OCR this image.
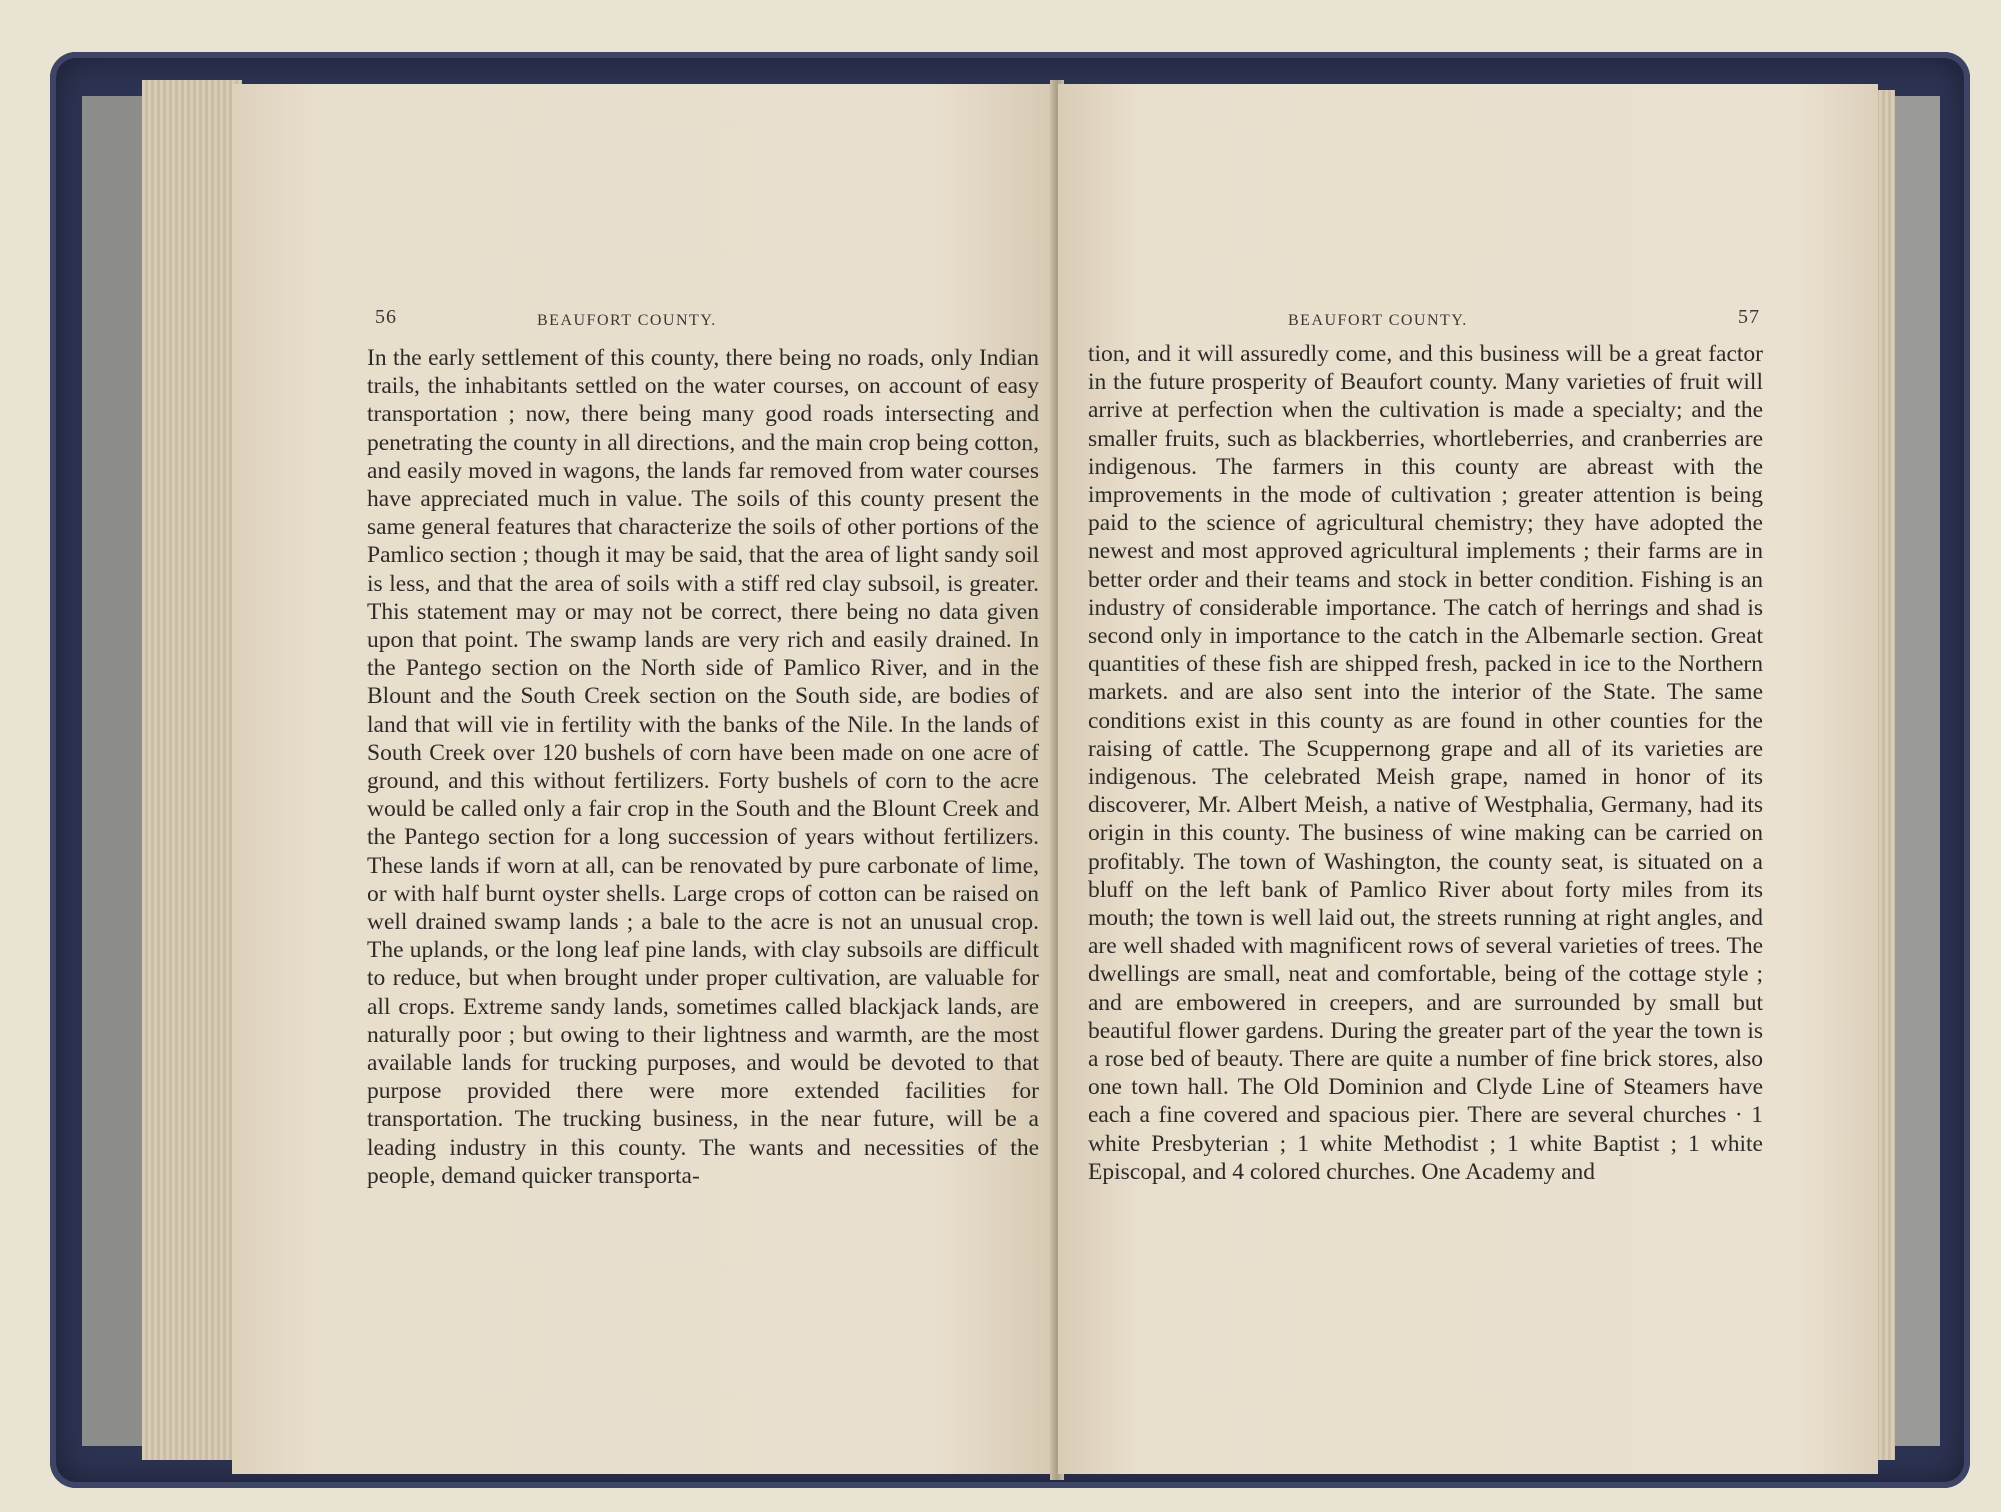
56	BEAUFORT COUNTY.

In the early settlement of this county, there being no roads, only Indian trails, the inhabitants settled on the water courses, on account of easy transportation ; now, there being many good roads intersecting and penetrating the county in all directions, and the main crop being cotton, and easily moved in wagons, the lands far removed from water courses have appreciated much in value. The soils of this county present the same general features that characterize the soils of other portions of the Pamlico section ; though it may be said, that the area of light sandy soil is less, and that the area of soils with a stiff red clay subsoil, is greater. This statement may or may not be correct, there being no data given upon that point. The swamp lands are very rich and easily drained. In the Pantego section on the North side of Pamlico River, and in the Blount and the South Creek section on the South side, are bodies of land that will vie in fertility with the banks of the Nile. In the lands of South Creek over 120 bushels of corn have been made on one acre of ground, and this without fertilizers. Forty bushels of corn to the acre would be called only a fair crop in the South and the Blount Creek and the Pantego section for a long succession of years without fertilizers. These lands if worn at all, can be renovated by pure carbonate of lime, or with half burnt oyster shells. Large crops of cotton can be raised on well drained swamp lands ; a bale to the acre is not an unusual crop. The uplands, or the long leaf pine lands, with clay subsoils are difficult to reduce, but when brought under proper cultivation, are valuable for all crops. Extreme sandy lands, sometimes called blackjack lands, are naturally poor ; but owing to their lightness and warmth, are the most available lands for trucking purposes, and would be devoted to that purpose provided there were more extended facilities for transportation. The trucking business, in the near future, will be a leading industry in this county. The wants and necessities of the people, demand quicker transporta-

BEAUFORT COUNTY.	57

tion, and it will assuredly come, and this business will be a great factor in the future prosperity of Beaufort county. Many varieties of fruit will arrive at perfection when the cultivation is made a specialty; and the smaller fruits, such as blackberries, whortleberries, and cranberries are indigenous. The farmers in this county are abreast with the improvements in the mode of cultivation ; greater attention is being paid to the science of agricultural chemistry; they have adopted the newest and most approved agricultural implements ; their farms are in better order and their teams and stock in better condition. Fishing is an industry of considerable importance. The catch of herrings and shad is second only in importance to the catch in the Albemarle section. Great quantities of these fish are shipped fresh, packed in ice to the Northern markets. and are also sent into the interior of the State. The same conditions exist in this county as are found in other counties for the raising of cattle. The Scuppernong grape and all of its varieties are indigenous. The celebrated Meish grape, named in honor of its discoverer, Mr. Albert Meish, a native of Westphalia, Germany, had its origin in this county. The business of wine making can be carried on profitably. The town of Washington, the county seat, is situated on a bluff on the left bank of Pamlico River about forty miles from its mouth; the town is well laid out, the streets running at right angles, and are well shaded with magnificent rows of several varieties of trees. The dwellings are small, neat and comfortable, being of the cottage style ; and are embowered in creepers, and are surrounded by small but beautiful flower gardens. During the greater part of the year the town is a rose bed of beauty. There are quite a number of fine brick stores, also one town hall. The Old Dominion and Clyde Line of Steamers have each a fine covered and spacious pier. There are several churches · 1 white Presbyterian ; 1 white Methodist ; 1 white Baptist ; 1 white Episcopal, and 4 colored churches. One Academy and
